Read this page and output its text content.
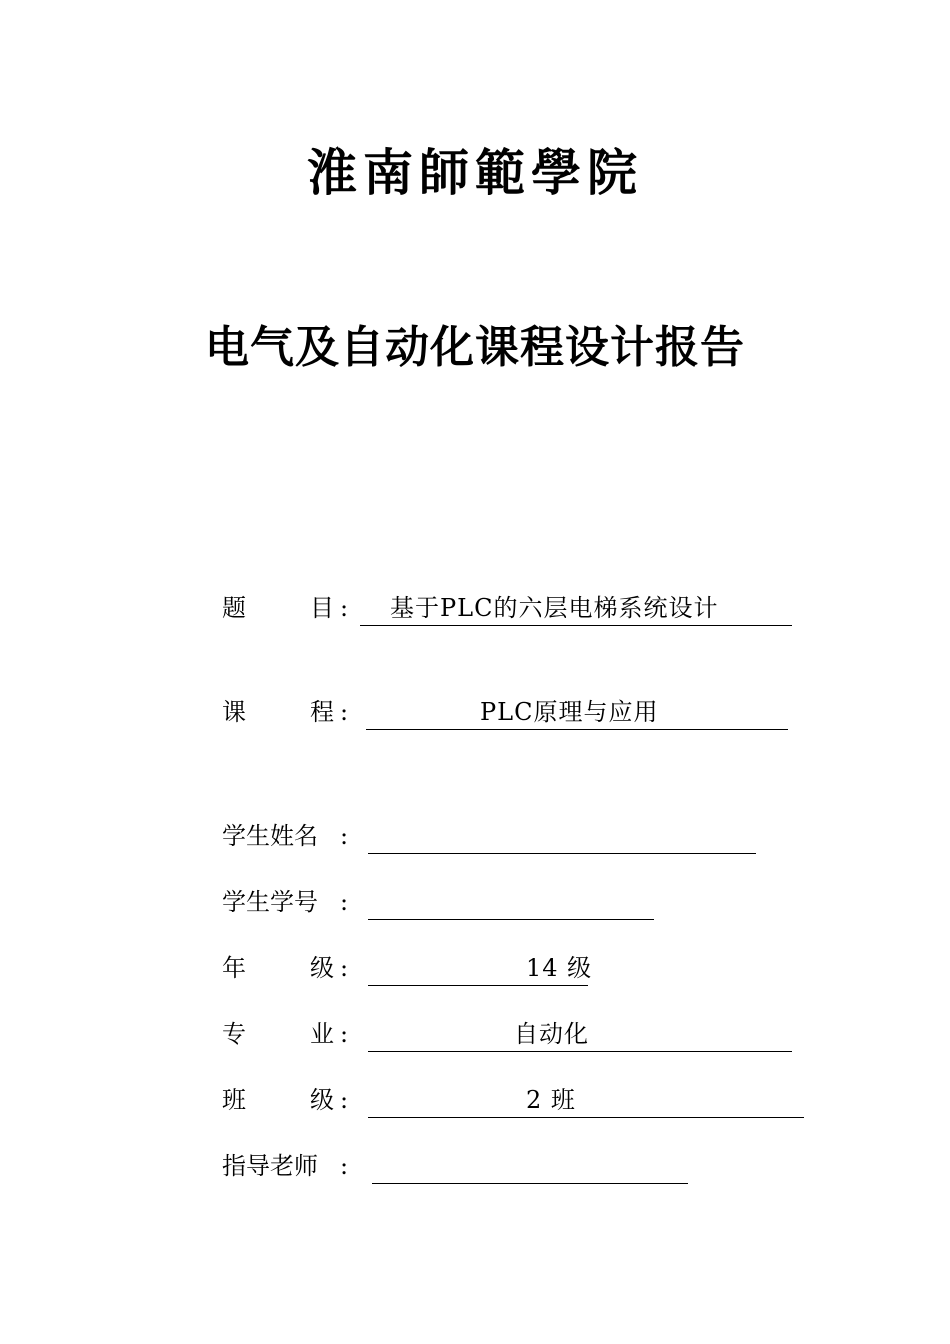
淮南師範學院
电气及自动化课程设计报告
题	目 : 基于PLC的六层电梯系统设计
课	程 :	PLC原理与应用
学生姓名 :
学生学号 :
年	级 :	14 级
专	业 :	自动化
班	级 :	2 班
指导老师 :
